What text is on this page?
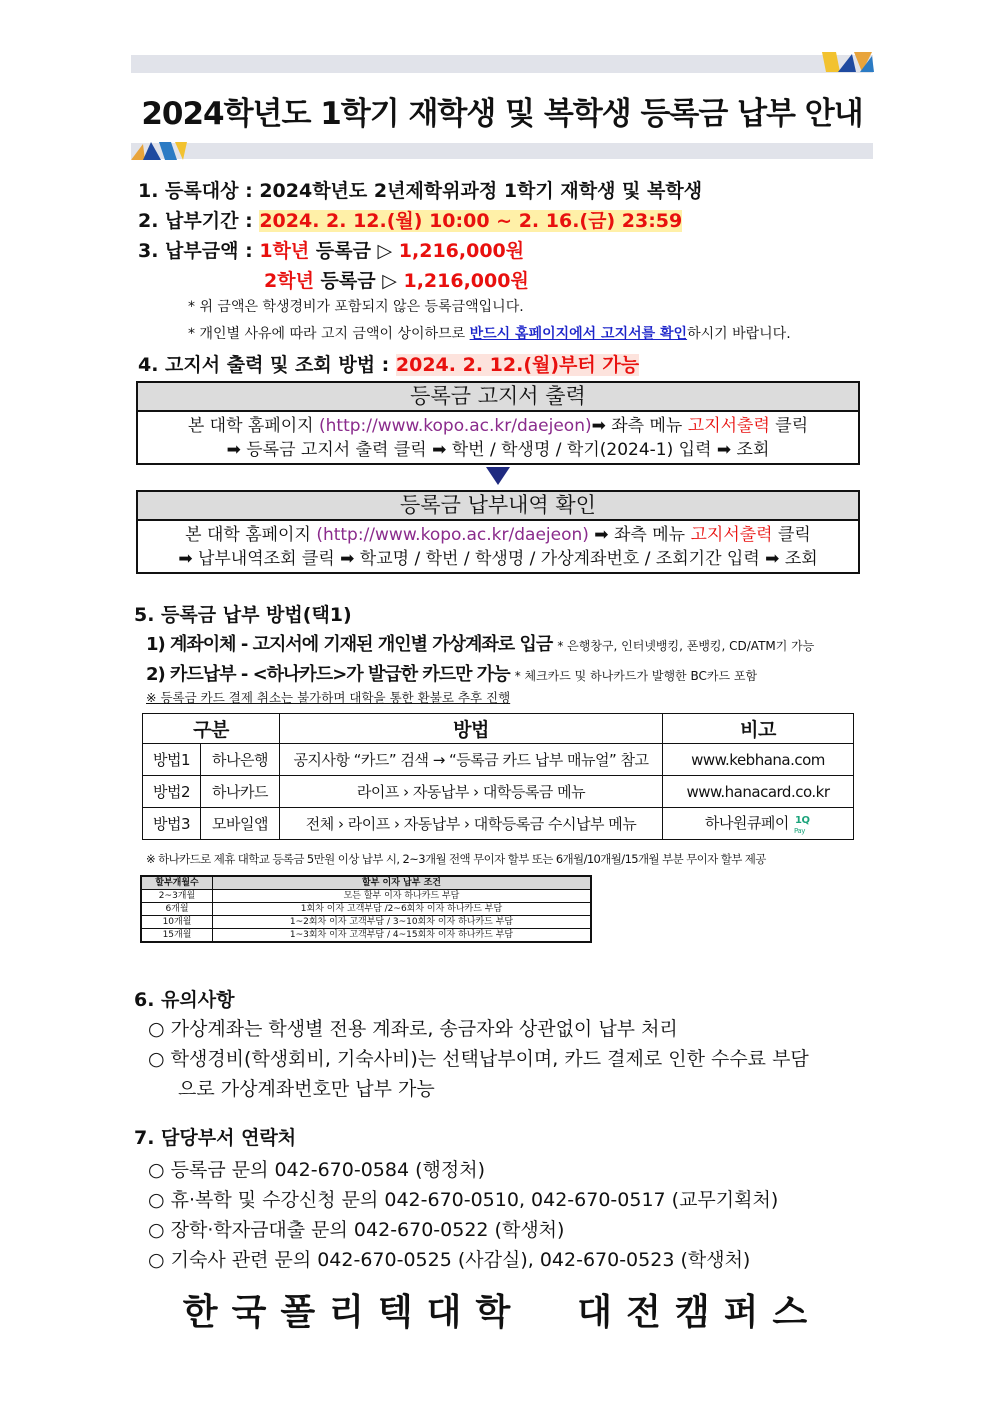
2024학년도 1학기 재학생 및 복학생 등록금 납부 안내
1. 등록대상 : 2024학년도 2년제학위과정 1학기 재학생 및 복학생
2. 납부기간 : 2024. 2. 12.(월) 10:00 ~ 2. 16.(금) 23:59
3. 납부금액 : 1학년 등록금 ▷ 1,216,000원
2학년 등록금 ▷ 1,216,000원
* 위 금액은 학생경비가 포함되지 않은 등록금액입니다.
* 개인별 사유에 따라 고지 금액이 상이하므로 반드시 홈페이지에서 고지서를 확인하시기 바랍니다.
4. 고지서 출력 및 조회 방법 : 2024. 2. 12.(월)부터 가능
등록금 고지서 출력
본 대학 홈페이지 (http://www.kopo.ac.kr/daejeon)➡ 좌측 메뉴 고지서출력 클릭
➡ 등록금 고지서 출력 클릭 ➡ 학번 / 학생명 / 학기(2024-1) 입력 ➡ 조회
등록금 납부내역 확인
본 대학 홈페이지 (http://www.kopo.ac.kr/daejeon) ➡ 좌측 메뉴 고지서출력 클릭
➡ 납부내역조회 클릭 ➡ 학교명 / 학번 / 학생명 / 가상계좌번호 / 조회기간 입력 ➡ 조회
5. 등록금 납부 방법(택1)
1) 계좌이체 - 고지서에 기재된 개인별 가상계좌로 입금 * 은행창구, 인터넷뱅킹, 폰뱅킹, CD/ATM기 가능
2) 카드납부 - <하나카드>가 발급한 카드만 가능 * 체크카드 및 하나카드가 발행한 BC카드 포함
※ 등록금 카드 결제 취소는 불가하며 대학을 통한 환불로 추후 진행
구분		방법	비고
방법1	하나은행	공지사항 “카드” 검색 → “등록금 카드 납부 매뉴얼” 참고	www.kebhana.com
방법2	하나카드	라이프 › 자동납부 › 대학등록금 메뉴	www.hanacard.co.kr
방법3	모바일앱	전체 › 라이프 › 자동납부 › 대학등록금 수시납부 메뉴	하나원큐페이 1Q
Pay
※ 하나카드로 제휴 대학교 등록금 5만원 이상 납부 시, 2~3개월 전액 무이자 할부 또는 6개월/10개월/15개월 부분 무이자 할부 제공
할부개월수	할부 이자 납부 조건
2~3개월	모든 할부 이자 하나카드 부담
6개월	1회차 이자 고객부담 /2~6회차 이자 하나카드 부담
10개월	1~2회차 이자 고객부담 / 3~10회차 이자 하나카드 부담
15개월	1~3회차 이자 고객부담 / 4~15회차 이자 하나카드 부담
6. 유의사항
○ 가상계좌는 학생별 전용 계좌로, 송금자와 상관없이 납부 처리
○ 학생경비(학생회비, 기숙사비)는 선택납부이며, 카드 결제로 인한 수수료 부담
으로 가상계좌번호만 납부 가능
7. 담당부서 연락처
○ 등록금 문의 042-670-0584 (행정처)
○ 휴·복학 및 수강신청 문의 042-670-0510, 042-670-0517 (교무기획처)
○ 장학·학자금대출 문의 042-670-0522 (학생처)
○ 기숙사 관련 문의 042-670-0525 (사감실), 042-670-0523 (학생처)
한국폴리텍대학  대전캠퍼스
